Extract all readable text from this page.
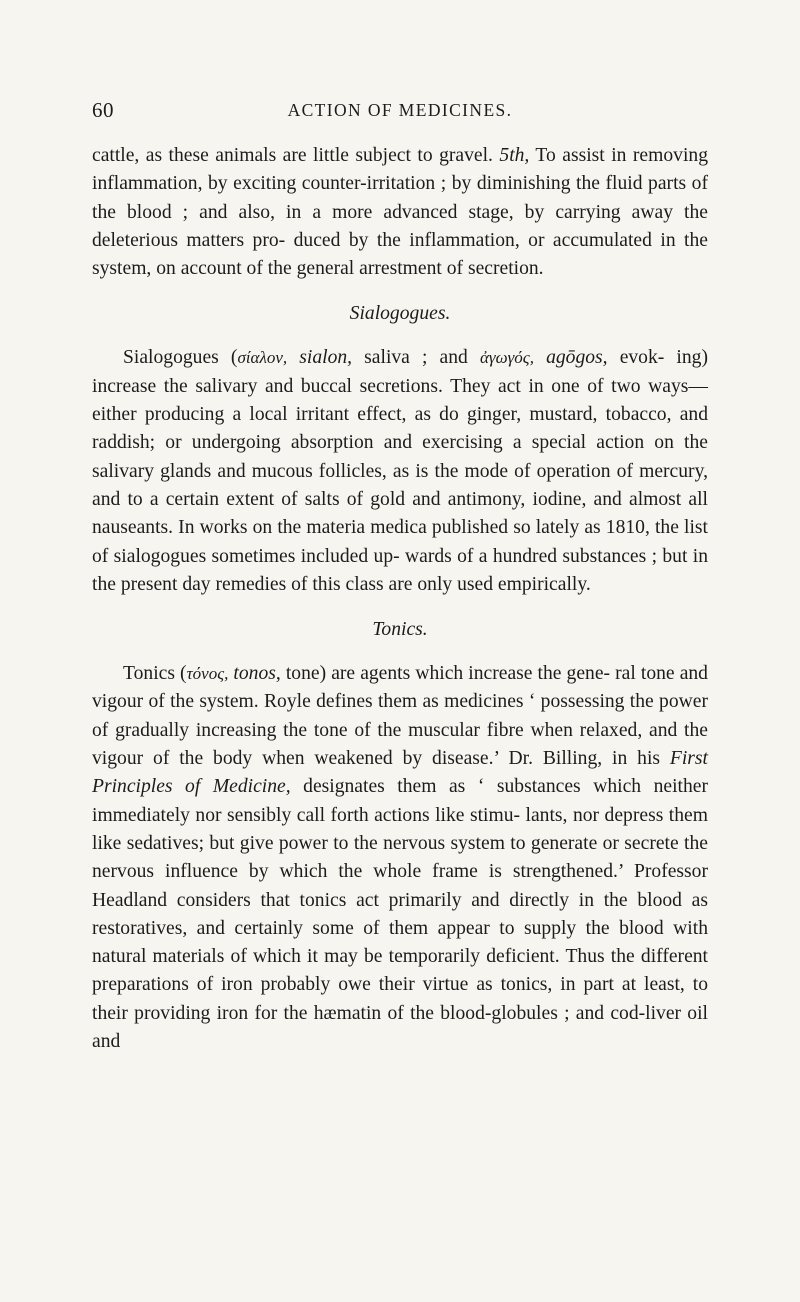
60	ACTION OF MEDICINES.

cattle, as these animals are little subject to gravel. 5th, To assist in removing inflammation, by exciting counter-irritation ; by diminishing the fluid parts of the blood ; and also, in a more advanced stage, by carrying away the deleterious matters pro- duced by the inflammation, or accumulated in the system, on account of the general arrestment of secretion.

Sialogogues.

Sialogogues (σίαλον, sialon, saliva ; and ἀγωγός, agōgos, evok- ing) increase the salivary and buccal secretions. They act in one of two ways—either producing a local irritant effect, as do ginger, mustard, tobacco, and raddish; or undergoing absorption and exercising a special action on the salivary glands and mucous follicles, as is the mode of operation of mercury, and to a certain extent of salts of gold and antimony, iodine, and almost all nauseants. In works on the materia medica published so lately as 1810, the list of sialogogues sometimes included up- wards of a hundred substances ; but in the present day remedies of this class are only used empirically.

Tonics.

Tonics (τόνος, tonos, tone) are agents which increase the gene- ral tone and vigour of the system. Royle defines them as medicines ‘ possessing the power of gradually increasing the tone of the muscular fibre when relaxed, and the vigour of the body when weakened by disease.’ Dr. Billing, in his First Principles of Medicine, designates them as ‘ substances which neither immediately nor sensibly call forth actions like stimu- lants, nor depress them like sedatives; but give power to the nervous system to generate or secrete the nervous influence by which the whole frame is strengthened.’ Professor Headland considers that tonics act primarily and directly in the blood as restoratives, and certainly some of them appear to supply the blood with natural materials of which it may be temporarily deficient. Thus the different preparations of iron probably owe their virtue as tonics, in part at least, to their providing iron for the hæmatin of the blood-globules ; and cod-liver oil and
